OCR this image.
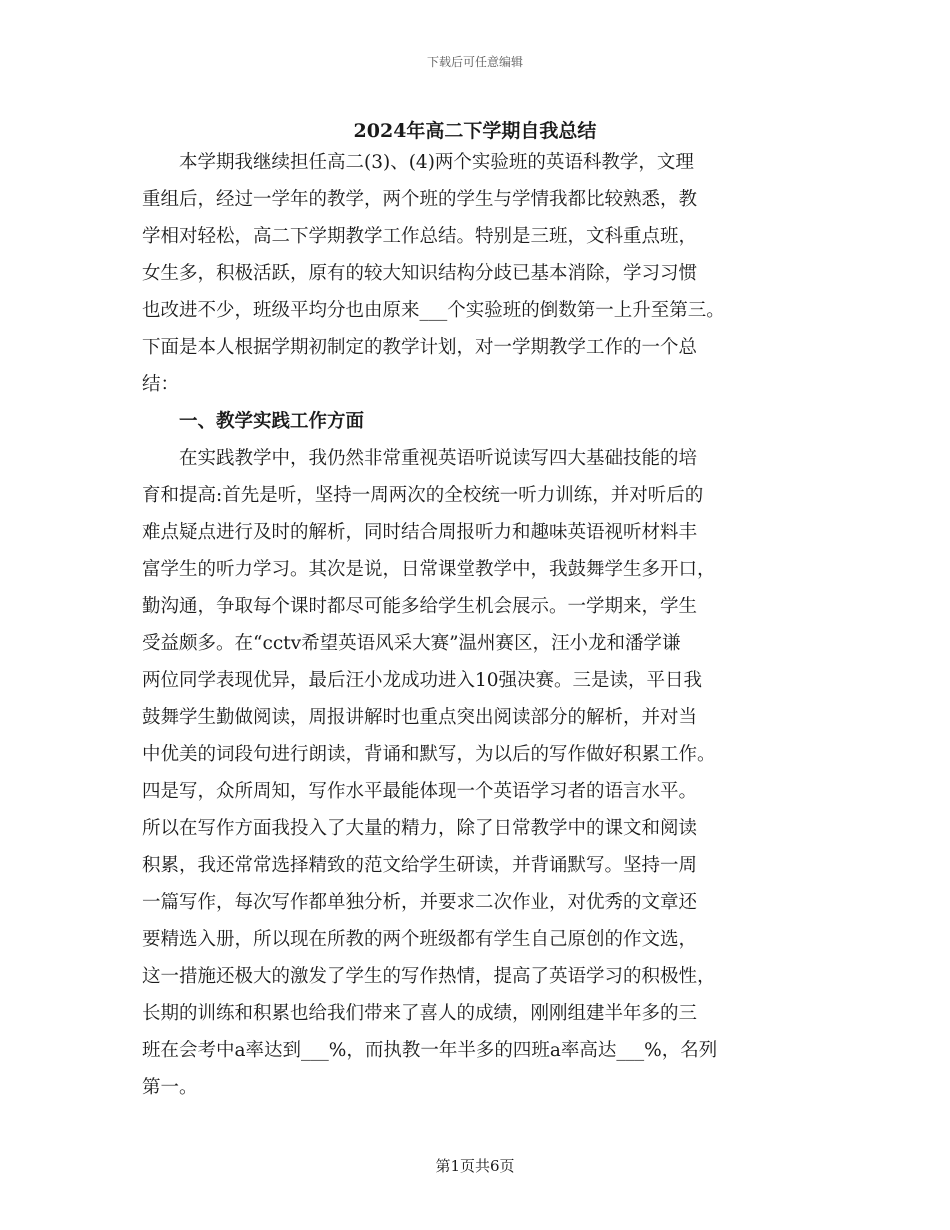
下载后可任意编辑
2024年高二下学期自我总结
　　本学期我继续担任高二(3)、(4)两个实验班的英语科教学，文理
重组后，经过一学年的教学，两个班的学生与学情我都比较熟悉，教
学相对轻松，高二下学期教学工作总结。特别是三班，文科重点班，
女生多，积极活跃，原有的较大知识结构分歧已基本消除，学习习惯
也改进不少，班级平均分也由原来___个实验班的倒数第一上升至第三。
下面是本人根据学期初制定的教学计划，对一学期教学工作的一个总
结：
　　一、教学实践工作方面
　　在实践教学中，我仍然非常重视英语听说读写四大基础技能的培
育和提高:首先是听，坚持一周两次的全校统一听力训练，并对听后的
难点疑点进行及时的解析，同时结合周报听力和趣味英语视听材料丰
富学生的听力学习。其次是说，日常课堂教学中，我鼓舞学生多开口，
勤沟通，争取每个课时都尽可能多给学生机会展示。一学期来，学生
受益颇多。在“cctv希望英语风采大赛”温州赛区，汪小龙和潘学谦
两位同学表现优异，最后汪小龙成功进入10强决赛。三是读，平日我
鼓舞学生勤做阅读，周报讲解时也重点突出阅读部分的解析，并对当
中优美的词段句进行朗读，背诵和默写，为以后的写作做好积累工作。
四是写，众所周知，写作水平最能体现一个英语学习者的语言水平。
所以在写作方面我投入了大量的精力，除了日常教学中的课文和阅读
积累，我还常常选择精致的范文给学生研读，并背诵默写。坚持一周
一篇写作，每次写作都单独分析，并要求二次作业，对优秀的文章还
要精选入册，所以现在所教的两个班级都有学生自己原创的作文选，
这一措施还极大的激发了学生的写作热情，提高了英语学习的积极性，
长期的训练和积累也给我们带来了喜人的成绩，刚刚组建半年多的三
班在会考中a率达到___%，而执教一年半多的四班a率高达___%，名列
第一。
第1页共6页
